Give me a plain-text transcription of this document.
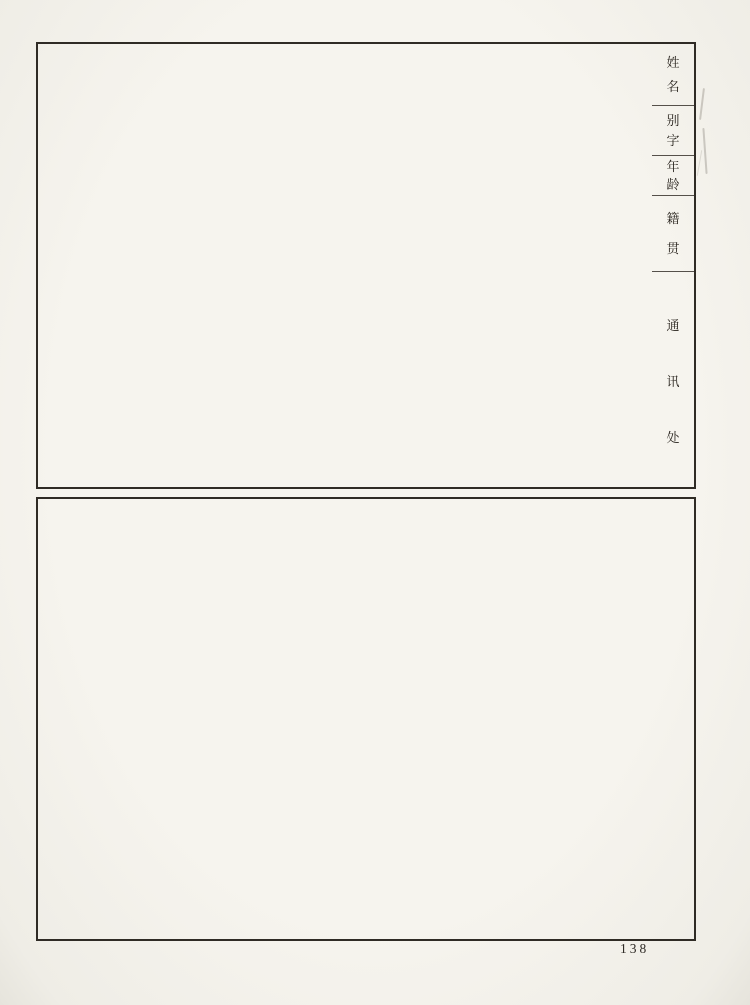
姓
名
别
字
年
龄
籍
贯
通
讯
处
138
